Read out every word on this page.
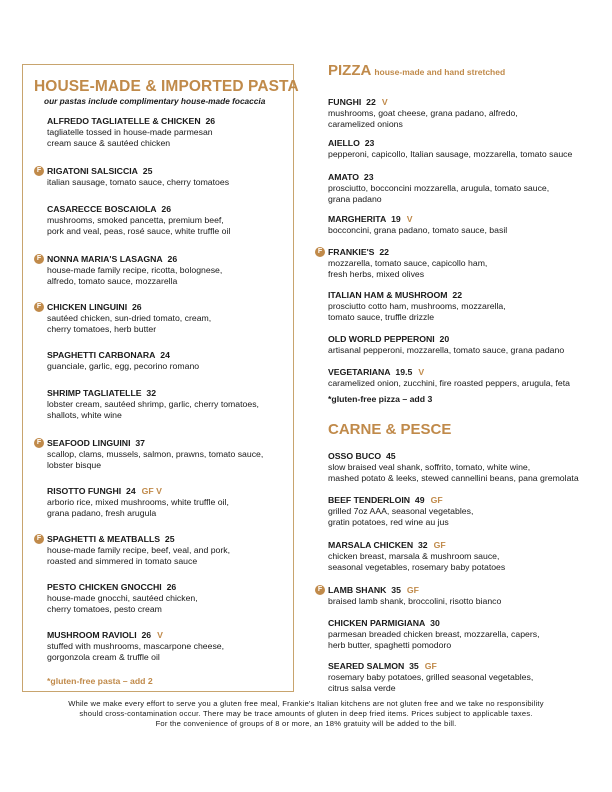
HOUSE-MADE & IMPORTED PASTA
our pastas include complimentary house-made focaccia
PIZZA house-made and hand stretched
CARNE & PESCE
ALFREDO TAGLIATELLE & CHICKEN 26
tagliatelle tossed in house-made parmesan
cream sauce & sautéed chicken
F RIGATONI SALSICCIA 25
italian sausage, tomato sauce, cherry tomatoes
CASARECCE BOSCAIOLA 26
mushrooms, smoked pancetta, premium beef,
pork and veal, peas, rosé sauce, white truffle oil
F NONNA MARIA'S LASAGNA 26
house-made family recipe, ricotta, bolognese,
alfredo, tomato sauce, mozzarella
F CHICKEN LINGUINI 26
sautéed chicken, sun-dried tomato, cream,
cherry tomatoes, herb butter
SPAGHETTI CARBONARA 24
guanciale, garlic, egg, pecorino romano
SHRIMP TAGLIATELLE 32
lobster cream, sautéed shrimp, garlic, cherry tomatoes,
shallots, white wine
F SEAFOOD LINGUINI 37
scallop, clams, mussels, salmon, prawns, tomato sauce,
lobster bisque
RISOTTO FUNGHI 24 GF V
arborio rice, mixed mushrooms, white truffle oil,
grana padano, fresh arugula
F SPAGHETTI & MEATBALLS 25
house-made family recipe, beef, veal, and pork,
roasted and simmered in tomato sauce
PESTO CHICKEN GNOCCHI 26
house-made gnocchi, sautéed chicken,
cherry tomatoes, pesto cream
MUSHROOM RAVIOLI 26 V
stuffed with mushrooms, mascarpone cheese,
gorgonzola cream & truffle oil
FUNGHI 22 V
mushrooms, goat cheese, grana padano, alfredo,
caramelized onions
AIELLO 23
pepperoni, capicollo, Italian sausage, mozzarella, tomato sauce
AMATO 23
prosciutto, bocconcini mozzarella, arugula, tomato sauce,
grana padano
MARGHERITA 19 V
bocconcini, grana padano, tomato sauce, basil
F FRANKIE'S 22
mozzarella, tomato sauce, capicollo ham,
fresh herbs, mixed olives
ITALIAN HAM & MUSHROOM 22
prosciutto cotto ham, mushrooms, mozzarella,
tomato sauce, truffle drizzle
OLD WORLD PEPPERONI 20
artisanal pepperoni, mozzarella, tomato sauce, grana padano
VEGETARIANA 19.5 V
caramelized onion, zucchini, fire roasted peppers, arugula, feta
OSSO BUCO 45
slow braised veal shank, soffrito, tomato, white wine,
mashed potato & leeks, stewed cannellini beans, pana gremolata
BEEF TENDERLOIN 49 GF
grilled 7oz AAA, seasonal vegetables,
gratin potatoes, red wine au jus
MARSALA CHICKEN 32 GF
chicken breast, marsala & mushroom sauce,
seasonal vegetables, rosemary baby potatoes
F LAMB SHANK 35 GF
braised lamb shank, broccolini, risotto bianco
CHICKEN PARMIGIANA 30
parmesan breaded chicken breast, mozzarella, capers,
herb butter, spaghetti pomodoro
SEARED SALMON 35 GF
rosemary baby potatoes, grilled seasonal vegetables,
citrus salsa verde
*gluten-free pasta – add 2
*gluten-free pizza – add 3
While we make every effort to serve you a gluten free meal, Frankie's Italian kitchens are not gluten free and we take no responsibility
should cross-contamination occur. There may be trace amounts of gluten in deep fried items. Prices subject to applicable taxes.
For the convenience of groups of 8 or more, an 18% gratuity will be added to the bill.
